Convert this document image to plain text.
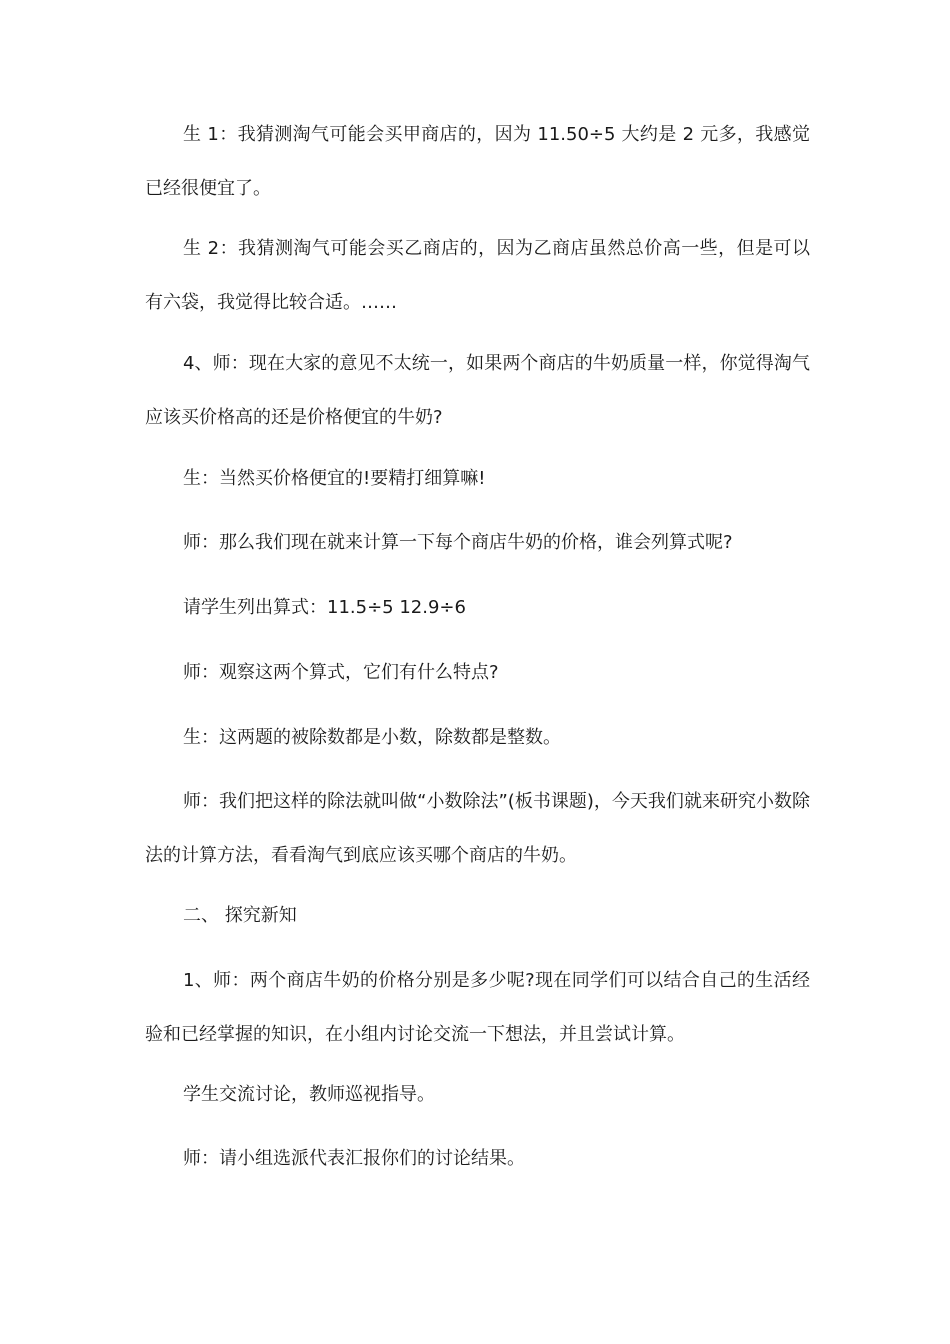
生 1：我猜测淘气可能会买甲商店的，因为 11.50÷5 大约是 2 元多，我感觉已经很便宜了。

生 2：我猜测淘气可能会买乙商店的，因为乙商店虽然总价高一些，但是可以有六袋，我觉得比较合适。……

4、师：现在大家的意见不太统一，如果两个商店的牛奶质量一样，你觉得淘气应该买价格高的还是价格便宜的牛奶?

生：当然买价格便宜的!要精打细算嘛!

师：那么我们现在就来计算一下每个商店牛奶的价格，谁会列算式呢?

请学生列出算式：11.5÷5 12.9÷6

师：观察这两个算式，它们有什么特点?

生：这两题的被除数都是小数，除数都是整数。

师：我们把这样的除法就叫做“小数除法”(板书课题)，今天我们就来研究小数除法的计算方法，看看淘气到底应该买哪个商店的牛奶。

二、 探究新知

1、师：两个商店牛奶的价格分别是多少呢?现在同学们可以结合自己的生活经验和已经掌握的知识，在小组内讨论交流一下想法，并且尝试计算。

学生交流讨论，教师巡视指导。

师：请小组选派代表汇报你们的讨论结果。
